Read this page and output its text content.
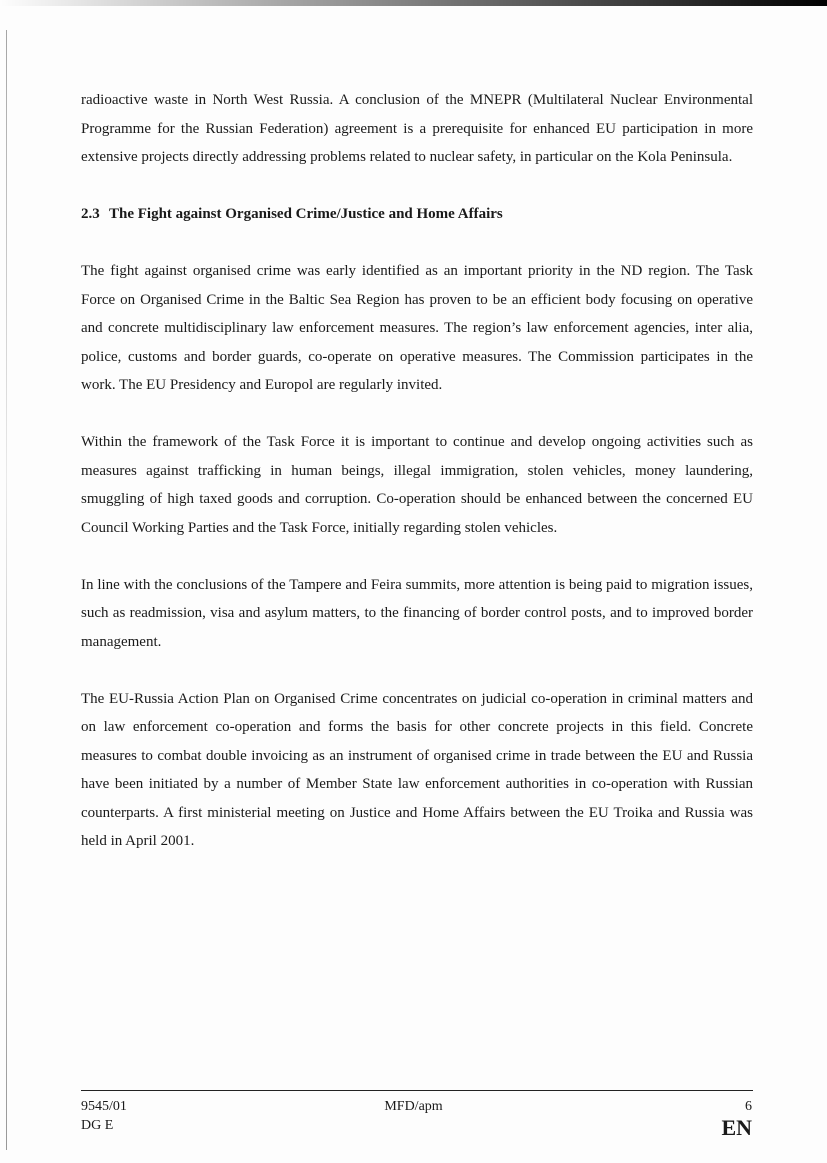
radioactive waste in North West Russia. A conclusion of the MNEPR (Multilateral Nuclear Environmental Programme for the Russian Federation) agreement is a prerequisite for enhanced EU participation in more extensive projects directly addressing problems related to nuclear safety, in particular on the Kola Peninsula.

2.3 The Fight against Organised Crime/Justice and Home Affairs

The fight against organised crime was early identified as an important priority in the ND region. The Task Force on Organised Crime in the Baltic Sea Region has proven to be an efficient body focusing on operative and concrete multidisciplinary law enforcement measures. The region’s law enforcement agencies, inter alia, police, customs and border guards, co-operate on operative measures. The Commission participates in the work. The EU Presidency and Europol are regularly invited.

Within the framework of the Task Force it is important to continue and develop ongoing activities such as measures against trafficking in human beings, illegal immigration, stolen vehicles, money laundering, smuggling of high taxed goods and corruption. Co-operation should be enhanced between the concerned EU Council Working Parties and the Task Force, initially regarding stolen vehicles.

In line with the conclusions of the Tampere and Feira summits, more attention is being paid to migration issues, such as readmission, visa and asylum matters, to the financing of border control posts, and to improved border management.

The EU-Russia Action Plan on Organised Crime concentrates on judicial co-operation in criminal matters and on law enforcement co-operation and forms the basis for other concrete projects in this field. Concrete measures to combat double invoicing as an instrument of organised crime in trade between the EU and Russia have been initiated by a number of Member State law enforcement authorities in co-operation with Russian counterparts. A first ministerial meeting on Justice and Home Affairs between the EU Troika and Russia was held in April 2001.

9545/01
DG E
MFD/apm	6
EN
